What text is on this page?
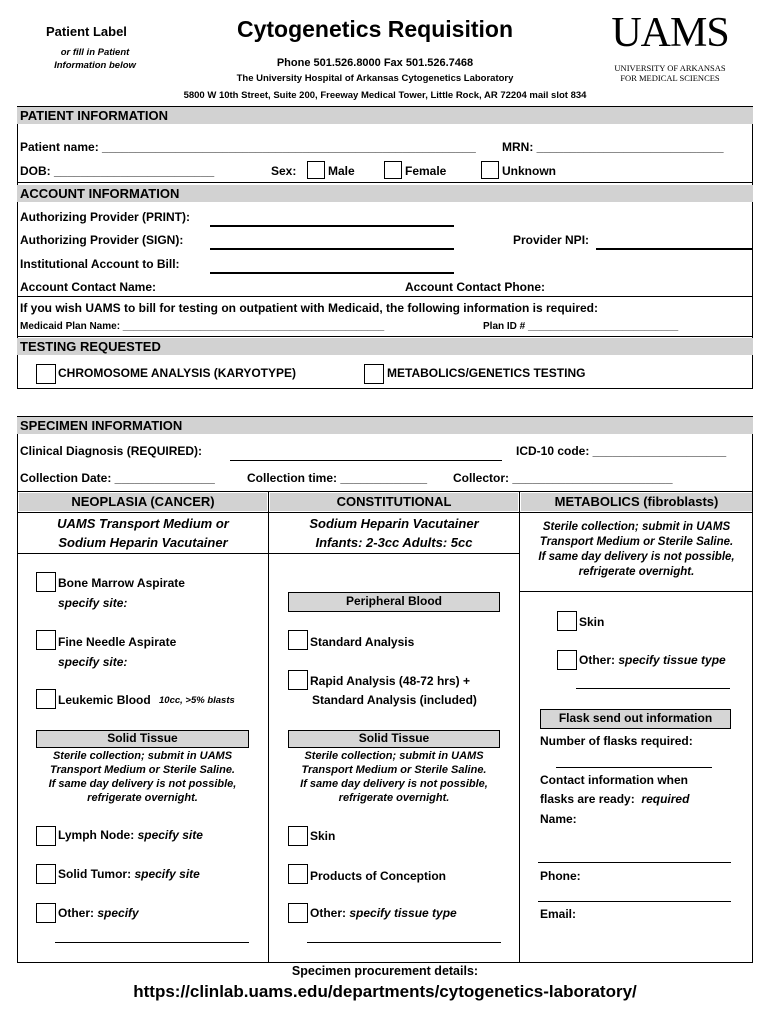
Patient Label
or fill in Patient
Information below
Cytogenetics Requisition
Phone 501.526.8000 Fax 501.526.7468
The University Hospital of Arkansas Cytogenetics Laboratory
5800 W 10th Street, Suite 200, Freeway Medical Tower, Little Rock, AR 72204 mail slot 834
UAMS
UNIVERSITY OF ARKANSAS
FOR MEDICAL SCIENCES
PATIENT INFORMATION
Patient name: ________________________________________________________ MRN: ____________________________
DOB: ________________________	Sex:	Male	Female	Unknown
ACCOUNT INFORMATION
Authorizing Provider (PRINT):
Authorizing Provider (SIGN):	Provider NPI:
Institutional Account to Bill:
Account Contact Name:	Account Contact Phone:
If you wish UAMS to bill for testing on outpatient with Medicaid, the following information is required:
Medicaid Plan Name: _______________________________________________	Plan ID # ___________________________
TESTING REQUESTED
CHROMOSOME ANALYSIS (KARYOTYPE)	METABOLICS/GENETICS TESTING
SPECIMEN INFORMATION
Clinical Diagnosis (REQUIRED):	ICD-10 code: ____________________
Collection Date: _______________	Collection time: _____________ Collector: ________________________
NEOPLASIA (CANCER)	CONSTITUTIONAL	METABOLICS (fibroblasts)
UAMS Transport Medium or
Sodium Heparin Vacutainer
Sodium Heparin Vacutainer
Infants: 2-3cc Adults: 5cc
Sterile collection; submit in UAMS
Transport Medium or Sterile Saline.
If same day delivery is not possible,
refrigerate overnight.
Bone Marrow Aspirate
specify site:
Fine Needle Aspirate
specify site:
Leukemic Blood 10cc, >5% blasts
Solid Tissue
Sterile collection; submit in UAMS
Transport Medium or Sterile Saline.
If same day delivery is not possible,
refrigerate overnight.
Lymph Node: specify site
Solid Tumor: specify site
Other: specify
Peripheral Blood
Standard Analysis
Rapid Analysis (48-72 hrs) +
Standard Analysis (included)
Solid Tissue
Sterile collection; submit in UAMS
Transport Medium or Sterile Saline.
If same day delivery is not possible,
refrigerate overnight.
Skin
Products of Conception
Other: specify tissue type
Skin
Other: specify tissue type
Flask send out information
Number of flasks required:
Contact information when
flasks are ready: required
Name:
Phone:
Email:
Specimen procurement details:
https://clinlab.uams.edu/departments/cytogenetics-laboratory/
